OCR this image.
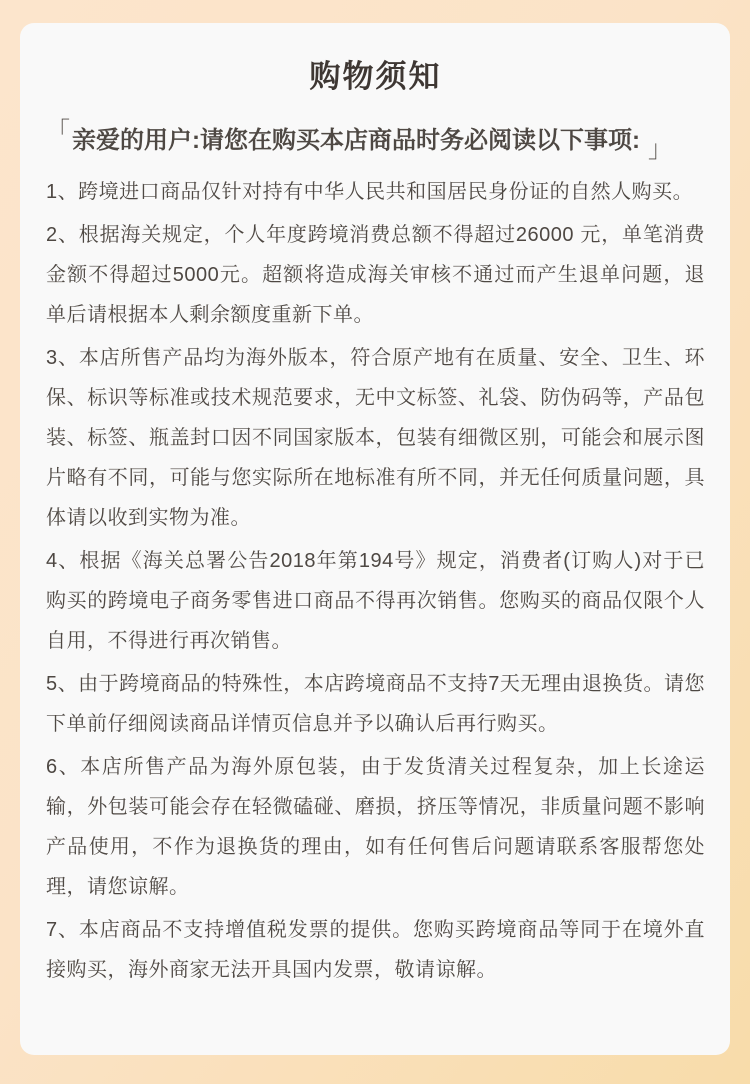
购物须知
「亲爱的用户:请您在购买本店商品时务必阅读以下事项: 」

1、跨境进口商品仅针对持有中华人民共和国居民身份证的自然人购买。

2、根据海关规定，个人年度跨境消费总额不得超过26000 元，单笔消费金额不得超过5000元。超额将造成海关审核不通过而产生退单问题，退单后请根据本人剩余额度重新下单。

3、本店所售产品均为海外版本，符合原产地有在质量、安全、卫生、环保、标识等标准或技术规范要求，无中文标签、礼袋、防伪码等，产品包装、标签、瓶盖封口因不同国家版本，包装有细微区别，可能会和展示图片略有不同，可能与您实际所在地标准有所不同，并无任何质量问题，具体请以收到实物为准。

4、根据《海关总署公告2018年第194号》规定，消费者(订购人)对于已购买的跨境电子商务零售进口商品不得再次销售。您购买的商品仅限个人自用，不得进行再次销售。

5、由于跨境商品的特殊性，本店跨境商品不支持7天无理由退换货。请您下单前仔细阅读商品详情页信息并予以确认后再行购买。

6、本店所售产品为海外原包装，由于发货清关过程复杂，加上长途运输，外包装可能会存在轻微磕碰、磨损，挤压等情况，非质量问题不影响产品使用，不作为退换货的理由，如有任何售后问题请联系客服帮您处理，请您谅解。

7、本店商品不支持增值税发票的提供。您购买跨境商品等同于在境外直接购买，海外商家无法开具国内发票，敬请谅解。
